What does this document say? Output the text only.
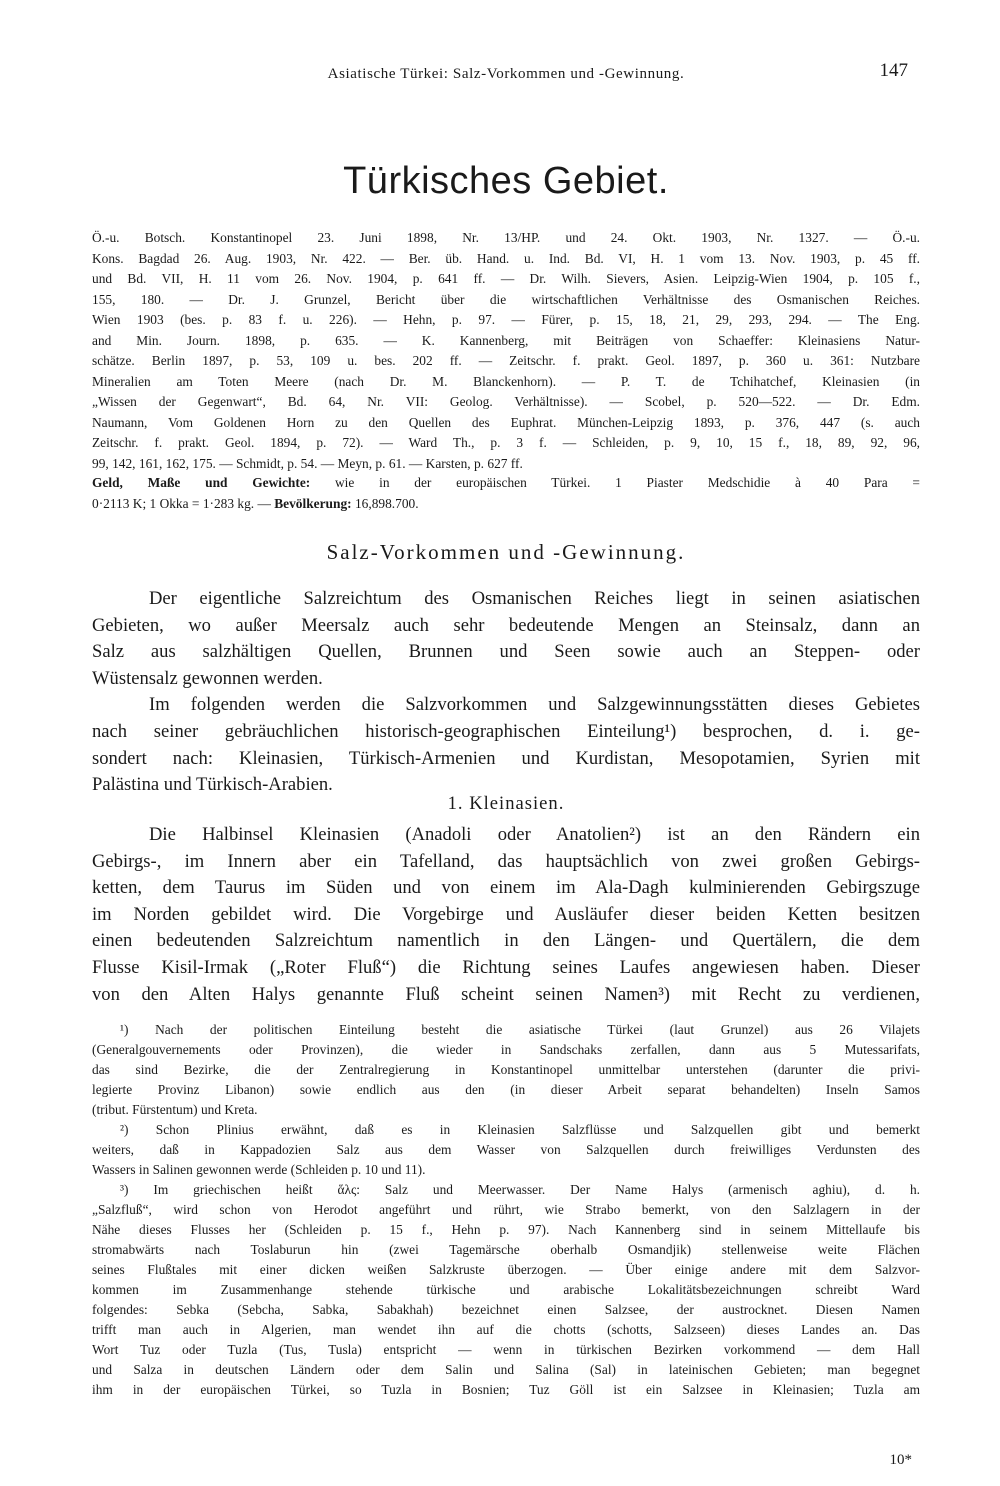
Asiatische Türkei: Salz-Vorkommen und -Gewinnung.	147
Türkisches Gebiet.
Ö.-u. Botsch. Konstantinopel 23. Juni 1898, Nr. 13/HP. und 24. Okt. 1903, Nr. 1327. — Ö.-u.
Kons. Bagdad 26. Aug. 1903, Nr. 422. — Ber. üb. Hand. u. Ind. Bd. VI, H. 1 vom 13. Nov. 1903, p. 45 ff.
und Bd. VII, H. 11 vom 26. Nov. 1904, p. 641 ff. — Dr. Wilh. Sievers, Asien. Leipzig-Wien 1904, p. 105 f.,
155, 180. — Dr. J. Grunzel, Bericht über die wirtschaftlichen Verhältnisse des Osmanischen Reiches.
Wien 1903 (bes. p. 83 f. u. 226). — Hehn, p. 97. — Fürer, p. 15, 18, 21, 29, 293, 294. — The Eng.
and Min. Journ. 1898, p. 635. — K. Kannenberg, mit Beiträgen von Schaeffer: Kleinasiens Natur-
schätze. Berlin 1897, p. 53, 109 u. bes. 202 ff. — Zeitschr. f. prakt. Geol. 1897, p. 360 u. 361: Nutzbare
Mineralien am Toten Meere (nach Dr. M. Blanckenhorn). — P. T. de Tchihatchef, Kleinasien (in
„Wissen der Gegenwart“, Bd. 64, Nr. VII: Geolog. Verhältnisse). — Scobel, p. 520—522. — Dr. Edm.
Naumann, Vom Goldenen Horn zu den Quellen des Euphrat. München-Leipzig 1893, p. 376, 447 (s. auch
Zeitschr. f. prakt. Geol. 1894, p. 72). — Ward Th., p. 3 f. — Schleiden, p. 9, 10, 15 f., 18, 89, 92, 96,
99, 142, 161, 162, 175. — Schmidt, p. 54. — Meyn, p. 61. — Karsten, p. 627 ff.
Geld, Maße und Gewichte: wie in der europäischen Türkei. 1 Piaster Medschidie à 40 Para =
0·2113 K; 1 Okka = 1·283 kg. — Bevölkerung: 16,898.700.
Salz-Vorkommen und -Gewinnung.
Der eigentliche Salzreichtum des Osmanischen Reiches liegt in seinen asiatischen
Gebieten, wo außer Meersalz auch sehr bedeutende Mengen an Steinsalz, dann an
Salz aus salzhältigen Quellen, Brunnen und Seen sowie auch an Steppen- oder
Wüstensalz gewonnen werden.
Im folgenden werden die Salzvorkommen und Salzgewinnungsstätten dieses Gebietes
nach seiner gebräuchlichen historisch-geographischen Einteilung¹) besprochen, d. i. ge-
sondert nach: Kleinasien, Türkisch-Armenien und Kurdistan, Mesopotamien, Syrien mit
Palästina und Türkisch-Arabien.
1. Kleinasien.
Die Halbinsel Kleinasien (Anadoli oder Anatolien²) ist an den Rändern ein
Gebirgs-, im Innern aber ein Tafelland, das hauptsächlich von zwei großen Gebirgs-
ketten, dem Taurus im Süden und von einem im Ala-Dagh kulminierenden Gebirgszuge
im Norden gebildet wird. Die Vorgebirge und Ausläufer dieser beiden Ketten besitzen
einen bedeutenden Salzreichtum namentlich in den Längen- und Quertälern, die dem
Flusse Kisil-Irmak („Roter Fluß“) die Richtung seines Laufes angewiesen haben. Dieser
von den Alten Halys genannte Fluß scheint seinen Namen³) mit Recht zu verdienen,
¹) Nach der politischen Einteilung besteht die asiatische Türkei (laut Grunzel) aus 26 Vilajets
(Generalgouvernements oder Provinzen), die wieder in Sandschaks zerfallen, dann aus 5 Mutessarifats,
das sind Bezirke, die der Zentralregierung in Konstantinopel unmittelbar unterstehen (darunter die privi-
legierte Provinz Libanon) sowie endlich aus den (in dieser Arbeit separat behandelten) Inseln Samos
(tribut. Fürstentum) und Kreta.
²) Schon Plinius erwähnt, daß es in Kleinasien Salzflüsse und Salzquellen gibt und bemerkt
weiters, daß in Kappadozien Salz aus dem Wasser von Salzquellen durch freiwilliges Verdunsten des
Wassers in Salinen gewonnen werde (Schleiden p. 10 und 11).
³) Im griechischen heißt ἅλς: Salz und Meerwasser. Der Name Halys (armenisch aghiu), d. h.
„Salzfluß“, wird schon von Herodot angeführt und rührt, wie Strabo bemerkt, von den Salzlagern in der
Nähe dieses Flusses her (Schleiden p. 15 f., Hehn p. 97). Nach Kannenberg sind in seinem Mittellaufe bis
stromabwärts nach Toslaburun hin (zwei Tagemärsche oberhalb Osmandjik) stellenweise weite Flächen
seines Flußtales mit einer dicken weißen Salzkruste überzogen. — Über einige andere mit dem Salzvor-
kommen im Zusammenhange stehende türkische und arabische Lokalitätsbezeichnungen schreibt Ward
folgendes: Sebka (Sebcha, Sabka, Sabakhah) bezeichnet einen Salzsee, der austrocknet. Diesen Namen
trifft man auch in Algerien, man wendet ihn auf die chotts (schotts, Salzseen) dieses Landes an. Das
Wort Tuz oder Tuzla (Tus, Tusla) entspricht — wenn in türkischen Bezirken vorkommend — dem Hall
und Salza in deutschen Ländern oder dem Salin und Salina (Sal) in lateinischen Gebieten; man begegnet
ihm in der europäischen Türkei, so Tuzla in Bosnien; Tuz Göll ist ein Salzsee in Kleinasien; Tuzla am
10*
